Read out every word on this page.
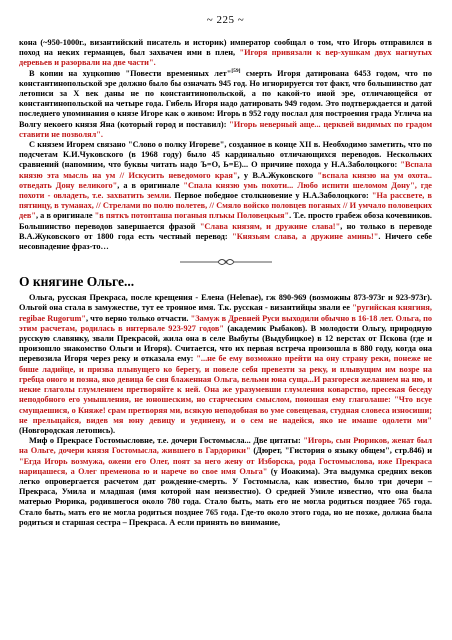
~ 225 ~

кона (~950-1000г., византийский писатель и историк) император сообщал о том, что Игорь отправился в поход на неких германцев, был захвачен ими в плен, "Игоря привязали к вер-хушкам двух нагнутых деревьев и разорвали на две части".

В копии на хуцкопию "Повести временных лет"[59] смерть Игоря датирована 6453 годом, что по константинопольской эре должно было бы означать 945 год. Но игнорируется тот факт, что большинство дат летописи за X век даны не по константинопольской, а по какой-то иной эре, отличающейся от константинопольской на четыре года. Гибель Игоря надо датировать 949 годом. Это подтверждается и датой последнего упоминания о князе Игоре как о живом: Игорь в 952 году послал для построения града Углича на Волгу некоего князя Яна (который город и поставил): "Игорь неверный аще... церквей видимых по градом ставити не позволял".

С князем Игорем связано "Слово о полку Игореве", созданное в конце XII в. Необходимо заметить, что по подсчетам К.И.Чуковского (в 1968 году) было 45 кардинально отличающихся переводов. Нескольких сравнений (напомним, что буквы читать надо Ъ=О, Ь=Е)... О причине похода у Н.А.Заболоцкого: "Вспала князю эта мысль на ум // Искусить неведомого края", у В.А.Жуковского "вспала князю на ум охота.. отведать Дону великого", а в оригинале "Спала князю умь похоти... Любо испити шеломом Дону", где похоти - овладеть, т.е. захватить земли. Первое победное столкновение у Н.А.Заболоцкого: "На рассвете, в пятницу, в туманах, // Стрелами по полю полетев, // Смяло войско половцев поганых // И умчало половецких дев", а в оригинале "в пяткъ потопташа поганыя плъкы Половецкыя". Т.е. просто грабеж обоза кочевников. Большинство переводов завершается фразой "Слава князям, и дружине слава!", но только в переводе В.А.Жуковского от 1800 года есть честный перевод: "Князьям слава, а дружине аминь!". Ничего себе несовпадение фраз-то…

О княгине Ольге...

Ольга, русская Прекраса, после крещения - Елена (Helenae), гж 890-969 (возможны 873-973г и 923-973г). Ольгой она стала в замужестве, тут ее тронное имя. Т.к. русская - византийцы звали ее "ругийская княгиня, regibae Rugorum", что верно только отчасти. "Замуж в Древней Руси выходили обычно в 16-18 лет. Ольга, по этим расчетам, родилась в интервале 923-927 годов" (академик Рыбаков). В молодости Ольгу, природную русскую славянку, звали Прекрасой, жила она в селе Выбуты (Выдубицкое) в 12 верстах от Пскова (где и произошло знакомство Ольги и Игоря). Считается, что их первая встреча произошла в 880 году, когда она перевозила Игоря через реку и отказала ему: "...не бе ему возможно прейти на ону страну реки, понеже не бише ладийце, и призва плывущего ко берегу, и повеле себя превезти за реку, и плывущим им возре на гребца оного и позна, яко девица бе сия блаженная Ольга, вельми юна суща...И разгореся желанием на ню, и некие глаголы глумлением претворяйте к ней. Она же уразумевши глумления коварство, пресекая беседу неподобного его умышления, не юношеским, но старческим смыслом, поношая ему глаголаше: "Что всуе смущаешися, о Княже! срам претворяя ми, всякую неподобная во уме совещевая, студная словеса износиши; не прельщайся, видев мя юну девицу и уединену, и о сем не надейся, яко не имаше одолети ми" (Новгородская летопись).

Миф о Прекрасе Гостомысловне, т.е. дочери Гостомысла... Две цитаты: "Игорь, сын Рюриков, женат был на Ольге, дочери князя Гостомысла, жившего в Гардорики" (Дюрет, "Гистория о языку общем", стр.846) и "Егда Игорь возмужа, ожени его Олег, поят за него жену от Изборска, рода Гостомыслова, иже Прекраса нарицашеся, а Олег пременова ю и нарече во свое имя Ольга" (у Иоакима). Эта выдумка средних веков легко опровергается расчетом дат рождение-смерть. У Гостомысла, как известно, было три дочери – Прекраса, Умила и младшая (имя которой нам неизвестно). О средней Умиле известно, что она была матерью Рюрика, родившегося около 780 года. Стало быть, мать его не могла родиться позднее 765 года. Стало быть, мать его не могла родиться позднее 765 года. Где-то около этого года, но не позже, должна была родиться и старшая сестра – Прекраса. А если принять во внимание,
